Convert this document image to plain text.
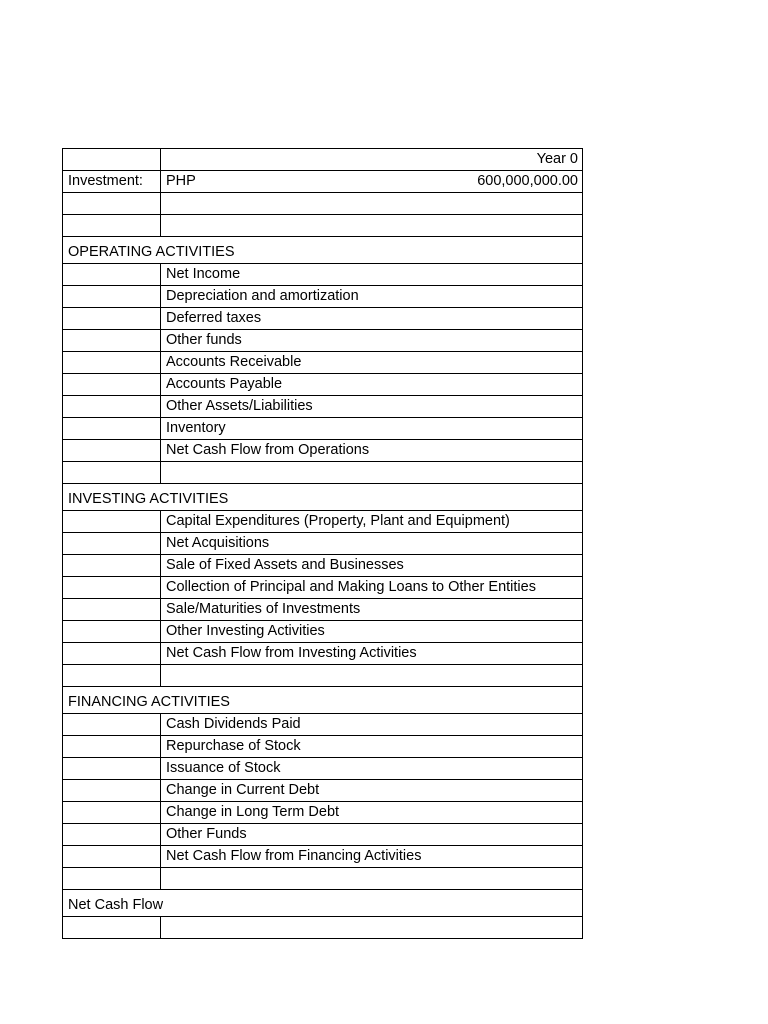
	Year 0
Investment:	PHP 600,000,000.00

OPERATING ACTIVITIES	
	Net Income
	Depreciation and amortization
	Deferred taxes
	Other funds
	Accounts Receivable
	Accounts Payable
	Other Assets/Liabilities
	Inventory
	Net Cash Flow from Operations

INVESTING ACTIVITIES	
	Capital Expenditures (Property, Plant and Equipment)
	Net Acquisitions
	Sale of Fixed Assets and Businesses
	Collection of Principal and Making Loans to Other Entities
	Sale/Maturities of Investments
	Other Investing Activities
	Net Cash Flow from Investing Activities

FINANCING ACTIVITIES	
	Cash Dividends Paid
	Repurchase of Stock
	Issuance of Stock
	Change in Current Debt
	Change in Long Term Debt
	Other Funds
	Net Cash Flow from Financing Activities

Net Cash Flow	
